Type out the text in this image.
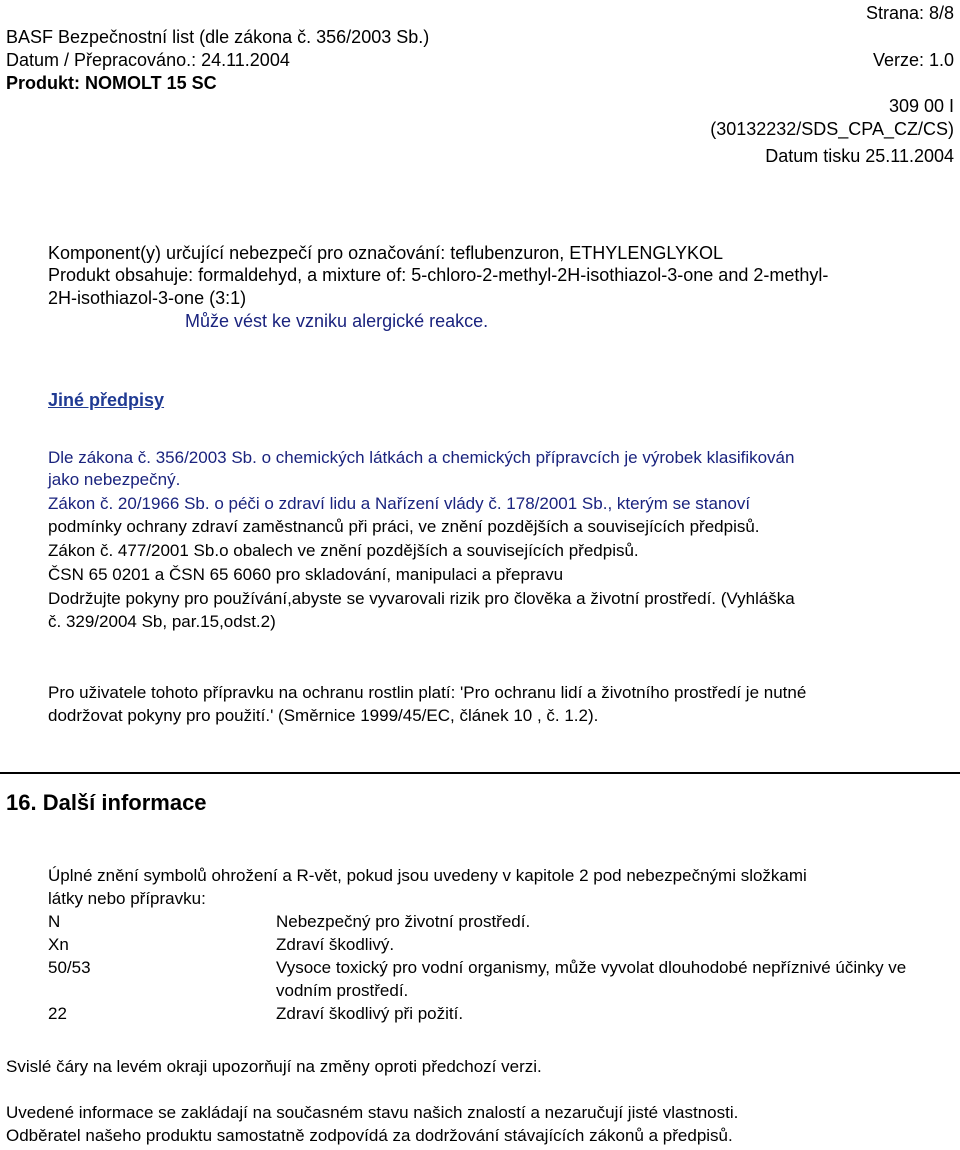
BASF Bezpečnostní list (dle zákona č. 356/2003 Sb.)
Strana: 8/8
Datum / Přepracováno.: 24.11.2004	Verze: 1.0
Produkt: NOMOLT 15 SC
309 00 I
(30132232/SDS_CPA_CZ/CS)
Datum tisku 25.11.2004
Komponent(y) určující nebezpečí pro označování: teflubenzuron, ETHYLENGLYKOL
Produkt obsahuje: formaldehyd, a mixture of: 5-chloro-2-methyl-2H-isothiazol-3-one and 2-methyl-
2H-isothiazol-3-one (3:1)
Může vést ke vzniku alergické reakce.
Jiné předpisy
Dle zákona č. 356/2003 Sb. o chemických látkách a chemických přípravcích je výrobek klasifikován
jako nebezpečný.
Zákon č. 20/1966 Sb. o péči o zdraví lidu a Nařízení vlády č. 178/2001 Sb., kterým se stanoví
podmínky ochrany zdraví zaměstnanců při práci, ve znění pozdějších a souvisejících předpisů.
Zákon č. 477/2001 Sb.o obalech ve znění pozdějších a souvisejících předpisů.
ČSN 65 0201 a ČSN 65 6060 pro skladování, manipulaci a přepravu
Dodržujte pokyny pro používání,abyste se vyvarovali rizik pro člověka a životní prostředí. (Vyhláška
č. 329/2004 Sb, par.15,odst.2)
Pro uživatele tohoto přípravku na ochranu rostlin platí: 'Pro ochranu lidí a životního prostředí je nutné
dodržovat pokyny pro použití.' (Směrnice 1999/45/EC, článek 10 , č. 1.2).
16. Další informace
Úplné znění symbolů ohrožení a R-vět, pokud jsou uvedeny v kapitole 2 pod nebezpečnými složkami
látky nebo přípravku:
N	Nebezpečný pro životní prostředí.
Xn	Zdraví škodlivý.
50/53	Vysoce toxický pro vodní organismy, může vyvolat dlouhodobé nepříznivé účinky ve vodním prostředí.
22	Zdraví škodlivý při požití.
Svislé čáry na levém okraji upozorňují na změny oproti předchozí verzi.
Uvedené informace se zakládají na současném stavu našich znalostí a nezaručují jisté vlastnosti.
Odběratel našeho produktu samostatně zodpovídá za dodržování stávajících zákonů a předpisů.
